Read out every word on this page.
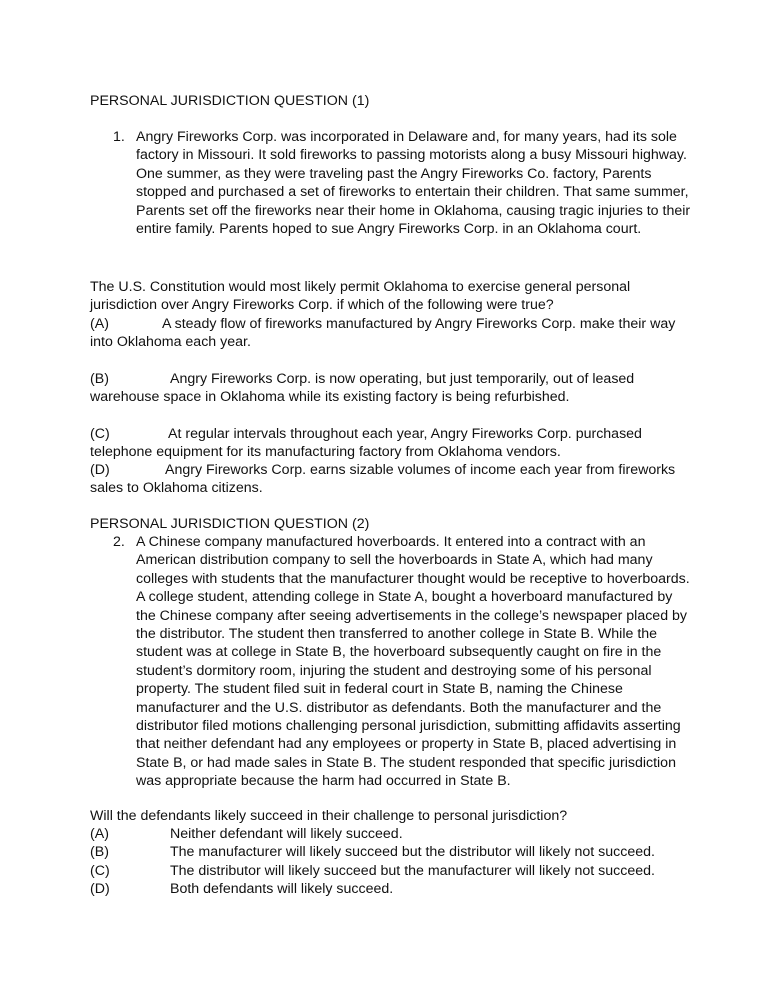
PERSONAL JURISDICTION QUESTION (1)
1. Angry Fireworks Corp. was incorporated in Delaware and, for many years, had its sole factory in Missouri. It sold fireworks to passing motorists along a busy Missouri highway. One summer, as they were traveling past the Angry Fireworks Co. factory, Parents stopped and purchased a set of fireworks to entertain their children. That same summer, Parents set off the fireworks near their home in Oklahoma, causing tragic injuries to their entire family. Parents hoped to sue Angry Fireworks Corp. in an Oklahoma court.

The U.S. Constitution would most likely permit Oklahoma to exercise general personal jurisdiction over Angry Fireworks Corp. if which of the following were true?

(A)	A steady flow of fireworks manufactured by Angry Fireworks Corp. make their way into Oklahoma each year.

(B)	Angry Fireworks Corp. is now operating, but just temporarily, out of leased warehouse space in Oklahoma while its existing factory is being refurbished.

(C)	At regular intervals throughout each year, Angry Fireworks Corp. purchased telephone equipment for its manufacturing factory from Oklahoma vendors.

(D)	Angry Fireworks Corp. earns sizable volumes of income each year from fireworks sales to Oklahoma citizens.

PERSONAL JURISDICTION QUESTION (2)
2. A Chinese company manufactured hoverboards. It entered into a contract with an American distribution company to sell the hoverboards in State A, which had many colleges with students that the manufacturer thought would be receptive to hoverboards. A college student, attending college in State A, bought a hoverboard manufactured by the Chinese company after seeing advertisements in the college’s newspaper placed by the distributor. The student then transferred to another college in State B. While the student was at college in State B, the hoverboard subsequently caught on fire in the student’s dormitory room, injuring the student and destroying some of his personal property. The student filed suit in federal court in State B, naming the Chinese manufacturer and the U.S. distributor as defendants. Both the manufacturer and the distributor filed motions challenging personal jurisdiction, submitting affidavits asserting that neither defendant had any employees or property in State B, placed advertising in State B, or had made sales in State B. The student responded that specific jurisdiction was appropriate because the harm had occurred in State B.

Will the defendants likely succeed in their challenge to personal jurisdiction?

(A)	Neither defendant will likely succeed.
(B)	The manufacturer will likely succeed but the distributor will likely not succeed.
(C)	The distributor will likely succeed but the manufacturer will likely not succeed.
(D)	Both defendants will likely succeed.
